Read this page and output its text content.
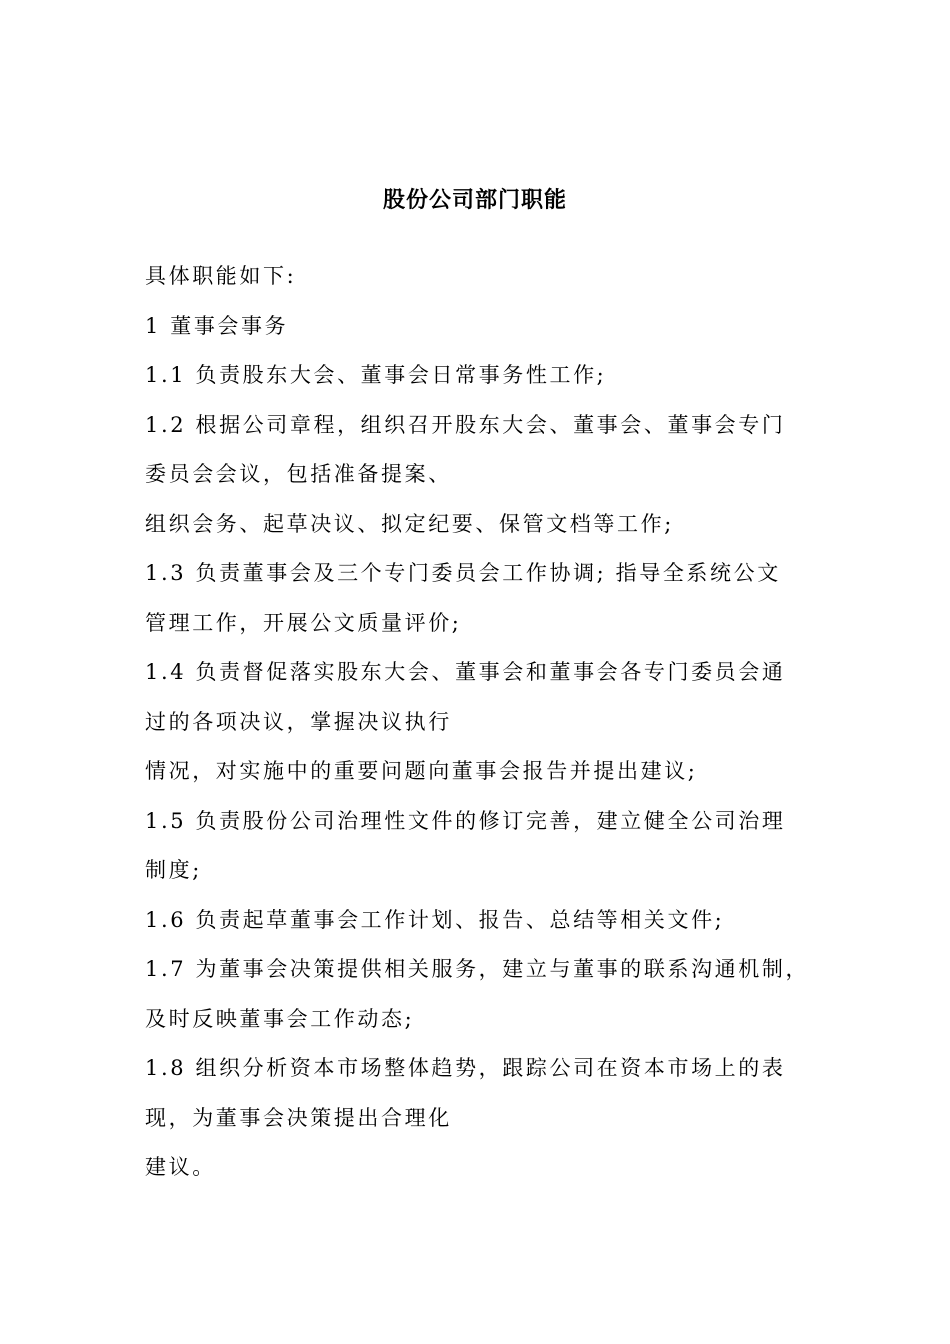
股份公司部门职能
具体职能如下:
1 董事会事务
1.1 负责股东大会、董事会日常事务性工作;
1.2 根据公司章程，组织召开股东大会、董事会、董事会专门
委员会会议，包括准备提案、
组织会务、起草决议、拟定纪要、保管文档等工作;
1.3 负责董事会及三个专门委员会工作协调; 指导全系统公文
管理工作，开展公文质量评价;
1.4 负责督促落实股东大会、董事会和董事会各专门委员会通
过的各项决议，掌握决议执行
情况，对实施中的重要问题向董事会报告并提出建议;
1.5 负责股份公司治理性文件的修订完善，建立健全公司治理
制度;
1.6 负责起草董事会工作计划、报告、总结等相关文件;
1.7 为董事会决策提供相关服务，建立与董事的联系沟通机制，
及时反映董事会工作动态;
1.8 组织分析资本市场整体趋势，跟踪公司在资本市场上的表
现，为董事会决策提出合理化
建议。
